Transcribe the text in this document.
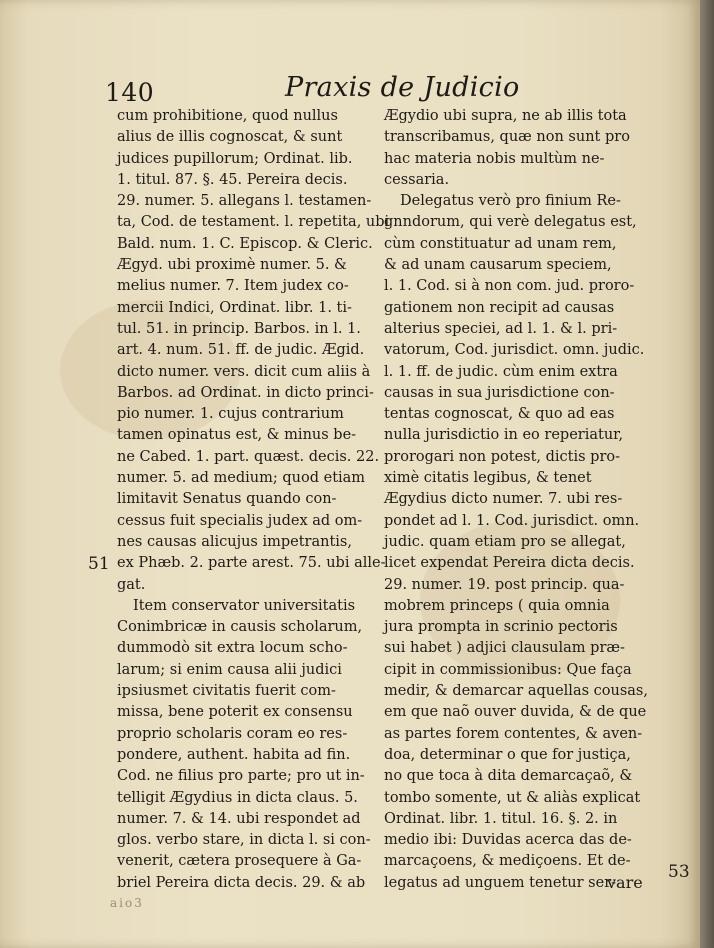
140	Praxis de Judicio
cum prohibitione, quod nullus
alius de illis cognoscat, & sunt
judices pupillorum; Ordinat. lib.
1. titul. 87. §. 45. Pereira decis.
29. numer. 5. allegans l. testamen-
ta, Cod. de testament. l. repetita, ubi
Bald. num. 1. C. Episcop. & Cleric.
Ægyd. ubi proximè numer. 5. &
melius numer. 7. Item judex co-
mercii Indici, Ordinat. libr. 1. ti-
tul. 51. in princip. Barbos. in l. 1.
art. 4. num. 51. ff. de judic. Ægid.
dicto numer. vers. dicit cum aliis à
Barbos. ad Ordinat. in dicto princi-
pio numer. 1. cujus contrarium
tamen opinatus est, & minus be-
ne Cabed. 1. part. quæst. decis. 22.
numer. 5. ad medium; quod etiam
limitavit Senatus quando con-
cessus fuit specialis judex ad om-
nes causas alicujus impetrantis,
ex Phæb. 2. parte arest. 75. ubi alle-
gat.
Item conservator universitatis
Conimbricæ in causis scholarum,
dummodò sit extra locum scho-
larum; si enim causa alii judici
ipsiusmet civitatis fuerit com-
missa, bene poterit ex consensu
proprio scholaris coram eo res-
pondere, authent. habita ad fin.
Cod. ne filius pro parte; pro ut in-
telligit Ægydius in dicta claus. 5.
numer. 7. & 14. ubi respondet ad
glos. verbo stare, in dicta l. si con-
venerit, cætera prosequere à Ga-
briel Pereira dicta decis. 29. & ab
Ægydio ubi supra, ne ab illis tota
transcribamus, quæ non sunt pro
hac materia nobis multùm ne-
cessaria.
Delegatus verò pro finium Re-
gnndorum, qui verè delegatus est,
cùm constituatur ad unam rem,
& ad unam causarum speciem,
l. 1. Cod. si à non com. jud. proro-
gationem non recipit ad causas
alterius speciei, ad l. 1. & l. pri-
vatorum, Cod. jurisdict. omn. judic.
l. 1. ff. de judic. cùm enim extra
causas in sua jurisdictione con-
tentas cognoscat, & quo ad eas
nulla jurisdictio in eo reperiatur,
prorogari non potest, dictis pro-
ximè citatis legibus, & tenet
Ægydius dicto numer. 7. ubi res-
pondet ad l. 1. Cod. jurisdict. omn.
judic. quam etiam pro se allegat,
licet expendat Pereira dicta decis.
29. numer. 19. post princip. qua-
mobrem princeps ( quia omnia
jura prompta in scrinio pectoris
sui habet ) adjici clausulam præ-
cipit in commissionibus: Que faça
medir, & demarcar aquellas cousas,
em que naõ ouver duvida, & de que
as partes forem contentes, & aven-
doa, determinar o que for justiça,
no que toca à dita demarcaçaõ, &
tombo somente, ut & aliàs explicat
Ordinat. libr. 1. titul. 16. §. 2. in
medio ibi: Duvidas acerca das de-
marcaçoens, & mediçoens. Et de-
legatus ad unguem tenetur ser-
51
53
vare
aio3
